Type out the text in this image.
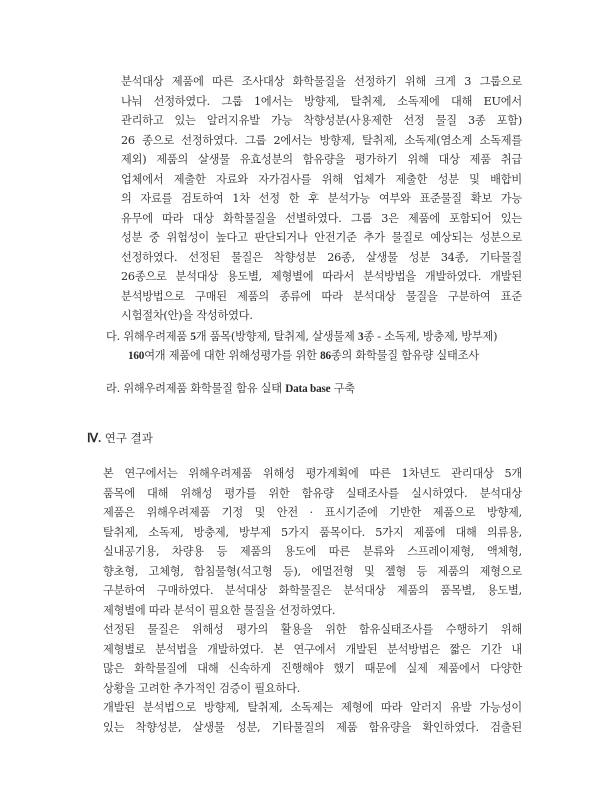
분석대상 제품에 따른 조사대상 화학물질을 선정하기 위해 크게 3 그룹으로
나눠 선정하였다. 그룹 1에서는 방향제, 탈취제, 소독제에 대해 EU에서
관리하고 있는 알러지유발 가능 착향성분(사용제한 선정 물질 3종 포함)
26 종으로 선정하였다. 그룹 2에서는 방향제, 탈취제, 소독제(염소계 소독제를
제외) 제품의 살생물 유효성분의 함유량을 평가하기 위해 대상 제품 취급
업체에서 제출한 자료와 자가검사를 위해 업체가 제출한 성분 및 배합비
의 자료를 검토하여 1차 선정 한 후 분석가능 여부와 표준물질 확보 가능
유무에 따라 대상 화학물질을 선별하였다. 그룹 3은 제품에 포함되어 있는
성분 중 위험성이 높다고 판단되거나 안전기준 추가 물질로 예상되는 성분으로
선정하였다. 선정된 물질은 착향성분 26종, 살생물 성분 34종, 기타물질
26종으로 분석대상 용도별, 제형별에 따라서 분석방법을 개발하였다. 개발된
분석방법으로 구매된 제품의 종류에 따라 분석대상 물질을 구분하여 표준
시험절차(안)을 작성하였다.
다. 위해우려제품 5개 품목(방향제, 탈취제, 살생물제 3종 - 소독제, 방충제, 방부제)
160여개 제품에 대한 위해성평가를 위한 86종의 화학물질 함유량 실태조사
라. 위해우려제품 화학물질 함유 실태 Data base 구축
Ⅳ. 연구 결과
본 연구에서는 위해우려제품 위해성 평가계획에 따른 1차년도 관리대상 5개
품목에 대해 위해성 평가를 위한 함유량 실태조사를 실시하였다. 분석대상
제품은 위해우려제품 기정 및 안전 · 표시기준에 기반한 제품으로 방향제,
탈취제, 소독제, 방충제, 방부제 5가지 품목이다. 5가지 제품에 대해 의류용,
실내공기용, 차량용 등 제품의 용도에 따른 분류와 스프레이제형, 액체형,
향초형, 고체형, 함침물형(석고형 등), 에멀전형 및 젤형 등 제품의 제형으로
구분하여 구매하였다. 분석대상 화학물질은 분석대상 제품의 품목별, 용도별,
제형별에 따라 분석이 필요한 물질을 선정하였다.
선정된 물질은 위해성 평가의 활용을 위한 함유실태조사를 수행하기 위해
제형별로 분석법을 개발하였다. 본 연구에서 개발된 분석방법은 짧은 기간 내
많은 화학물질에 대해 신속하게 진행해야 했기 때문에 실제 제품에서 다양한
상황을 고려한 추가적인 검증이 필요하다.
개발된 분석법으로 방향제, 탈취제, 소독제는 제형에 따라 알러지 유발 가능성이
있는 착향성분, 살생물 성분, 기타물질의 제품 함유량을 확인하였다. 검출된
